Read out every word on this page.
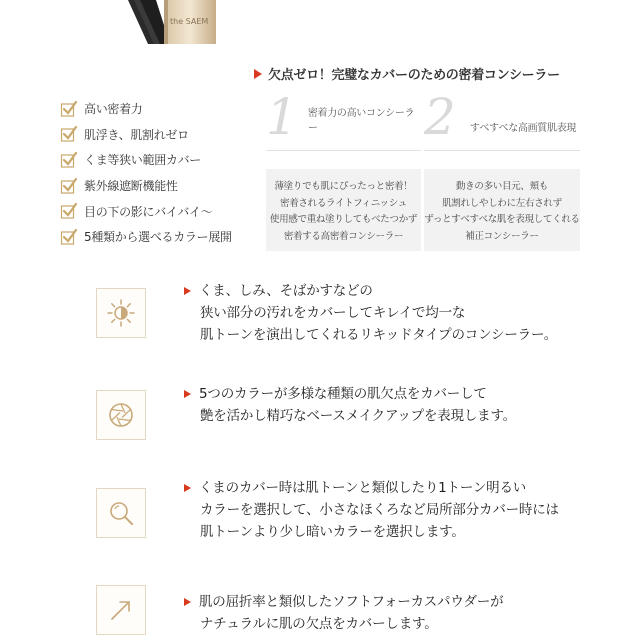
the SAEM
欠点ゼロ！完璧なカバーのための密着コンシーラー
高い密着力
肌浮き、肌割れゼロ
くま等狭い範囲カバー
紫外線遮断機能性
目の下の影にバイバイ〜
5種類から選べるカラー展開
1 密着力の高いコンシーラー
薄塗りでも肌にぴったっと密着！
密着されるライトフィニッシュ
使用感で重ね塗りしてもべたつかず
密着する高密着コンシーラー
2 すべすべな高画質肌表現
動きの多い目元、頬も
肌割れしやしわに左右されず
ずっとすべすべな肌を表現してくれる
補正コンシーラー
くま、しみ、そばかすなどの
狭い部分の汚れをカバーしてキレイで均一な
肌トーンを演出してくれるリキッドタイプのコンシーラー。
5つのカラーが多様な種類の肌欠点をカバーして
艶を活かし精巧なベースメイクアップを表現します。
くまのカバー時は肌トーンと類似したり1トーン明るい
カラーを選択して、小さなほくろなど局所部分カバー時には
肌トーンより少し暗いカラーを選択します。
肌の屈折率と類似したソフトフォーカスパウダーが
ナチュラルに肌の欠点をカバーします。
